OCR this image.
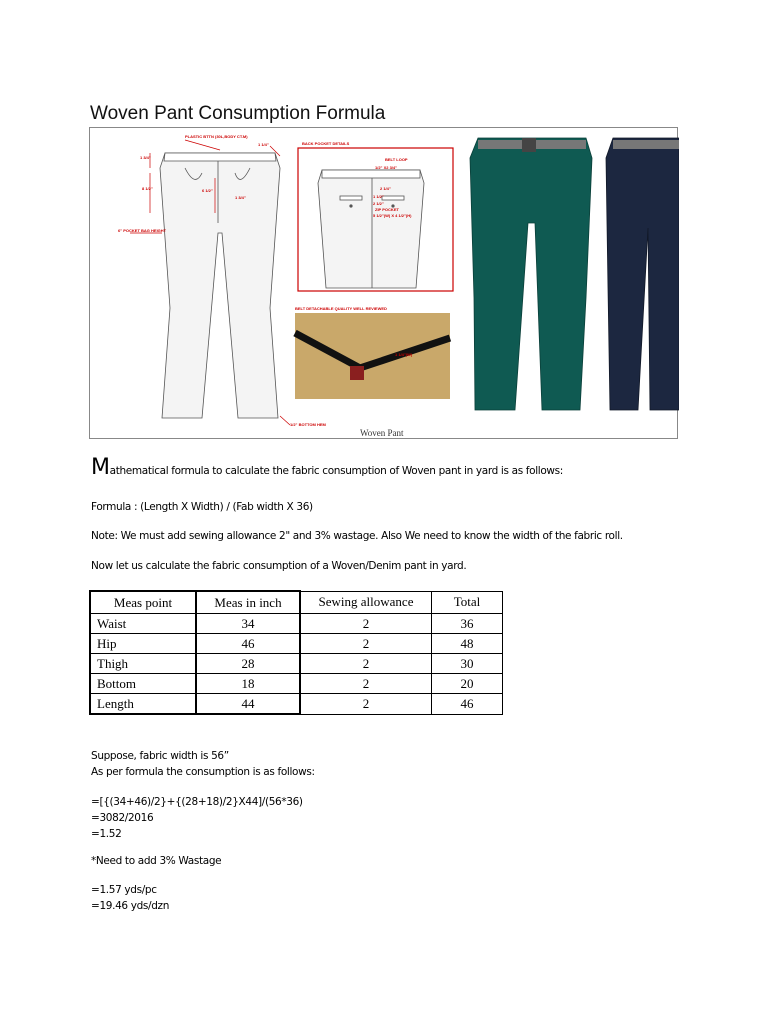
Woven Pant Consumption Formula
PLASTIC BTTN (30L,BODY CT.M)
1 3/4"
1 1/4"
8 1/2"	6 1/2"
1 3/4"
6" POCKET BAG HEIGHT
1/2" BOTTOM HEM
BACK POCKET DETAILS
BELT LOOP
1/2" X2 3/4"
2 1/4"
1 1/2"
2 1/2"
ZIP POCKET
5 1/2"(W) X 4 1/2"(H)
BELT DETACHABLE QUALITY WELL REVIEWED
1 1/4"(W)
Woven Pant
Mathematical formula to calculate the fabric consumption of Woven pant in yard is as follows:
Formula : (Length X Width) / (Fab width X 36)
Note: We must add sewing allowance 2" and 3% wastage. Also We need to know the width of the fabric roll.
Now let us calculate the fabric consumption of a Woven/Denim pant in yard.
Meas point	Meas in inch	Sewing allowance	Total
Waist	34	2	36
Hip	46	2	48
Thigh	28	2	30
Bottom	18	2	20
Length	44	2	46
Suppose, fabric width is 56”
As per formula the consumption is as follows:
=[{(34+46)/2}+{(28+18)/2}X44]/(56*36)
=3082/2016
=1.52
*Need to add 3% Wastage
=1.57 yds/pc
=19.46 yds/dzn
